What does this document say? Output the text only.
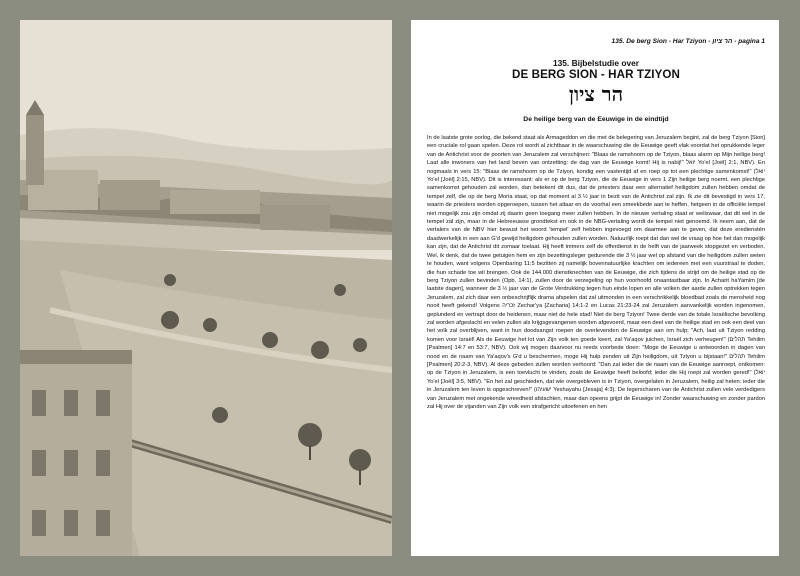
135. De berg Sion - Har Tziyon - הר ציון - pagina 1
135. Bijbelstudie over
DE BERG SION - HAR TZIYON
הר ציון
De heilige berg van de Eeuwige in de eindtijd
In de laatste grote oorlog, die bekend staat als Armageddon en die met de belegering van Jeruzalem begint, zal de berg Tziyon [Sion] een cruciale rol gaan spelen. Deze rol wordt al zichtbaar in de waarschuwing die de Eeuwige geeft vlak voordat het oprukkende leger van de Antichrist voor de poorten van Jeruzalem zal verschijnen: "Blaas de ramshoorn op de Tziyon, blaas alarm op Mijn heilige berg! Laat alle inwoners van het land beven van ontzetting: de dag van de Eeuwige komt! Hij is nabij!" יואל Yo'el [Joël] 2:1, NBV). En nogmaals in vers 15: "Blaas de ramshoorn op de Tziyon, kondig een vastentijd af en roep op tot een plechtige samenkomst!" (יואל Yo'el [Joël] 2:15, NBV). Dit is interessant: als er op de berg Tziyon, die de Eeuwige in vers 1 Zijn heilige berg noemt, een plechtige samenkomst gehouden zal worden, dan betekent dit dus, dat de priesters daar een alternatief heiligdom zullen hebben omdat de tempel zelf, die op de berg Moria staat, op dat moment al 3 ½ jaar in bezit van de Antichrist zal zijn. Ik zie dit bevestigd in vers 17, waarin de priesters worden opgeroepen, tussen het altaar en de voorhal een smeekbede aan te heffen, hetgeen in de officiële tempel niet mogelijk zou zijn omdat zij daarin geen toegang meer zullen hebben. In de nieuwe vertaling staat er weliswaar, dat dit wel in de tempel zal zijn, maar in de Hebreeuwse grondtekst en ook in de NBG-vertaling wordt de tempel niet genoemd. Ik neem aan, dat de vertalers van de NBV hier bewust het woord 'tempel' zelf hebben ingevoegd om daarmee aan te geven, dat deze eredienstén daadwerkelijk in een aan G'd gewijd heiligdom gehouden zullen worden. Natuurlijk roept dat dan wel de vraag op hoe het dan mogelijk kan zijn, dat de Antichrist dit zomaar toelaat. Hij heeft immers zelf de offerdienst in de helft van de jaarweek stopgezet en verboden. Wel, ik denk, dat de twee getuigen hem en zijn bezettingsleger gedurende die 3 ½ jaar wel op afstand van die heiligdom zullen weten te houden, want volgens Openbaring 11:5 bezitten zij namelijk bovennatuurlijke krachten om iedereen met een vuurstraal te doden, die hun schade toe wil brengen. Ook de 144.000 dienstknechten van de Eeuwige, die zich tijdens de strijd om de heilige stad op de berg Tziyon zullen bevinden (Opb. 14:1), zullen door de verzegeling op hun voorhoofd onaantastbaar zijn. In Acharit haYamim [de laatste dagen], wanneer de 3 ½ jaar van de Grote Verdrukking tegen hun einde lopen en alle volken der aarde zullen optrekken tegen Jeruzalem, zal zich daar een onbeschrijflijk drama afspelen dat zal uitmonden in een verschrikkelijk bloedbad zoals de mensheid nog nooit heeft gekend! Volgens זכריה Zechar'ya [Zacharia] 14:1-2 en Lucas 21:23-24 zal Jeruzalem aanvankelijk worden ingenomen, geplunderd en vertrapt door de heidenen, maar niet de hele stad! Niet de berg Tziyon! Twee derde van de totale Israëlische bevolking zal worden afgeslacht en velen zullen als krijgsgevangenen worden afgevoerd, maar een deel van de heilige stad en ook een deel van het volk zal overblijven, want in hun doodsangst roepen de overlevenden de Eeuwige aan om hulp: "Ach, laat uit Tziyon redding komen voor Israël! Als de Eeuwige het lot van Zijn volk ten goede keert, zal Ya'aqov juichen, Israël zich verheugen!" (תהלים Tehilim [Psalmen] 14:7 en 53:7, NBV). Ook wij mogen daarvoor nu reeds voorbede doen: "Moge de Eeuwige u antwoorden in dagen van nood en de naam van Ya'aqov's G'd u beschermen, moge Hij hulp zenden uit Zijn heiligdom, uit Tziyon u bijstaan!" תהלים Tehilim [Psalmen] 20:2-3, NBV). Al deze gebeden zullen worden verhoord: "Dan zal ieder die de naam van de Eeuwige aanroept, ontkomen: op de Tziyon in Jeruzalem, is een toevlucht te vinden, zoals de Eeuwige heeft beloofd; ieder die Hij roept zal worden gered!" (יואל Yo'el [Joël] 3:5, NBV). "En het zal geschieden, dat wie overgebleven is in Tziyon, overgelaten in Jeruzalem, heilig zal heten: ieder die in Jeruzalem ten leven is opgeschreven!" (ישעיהו Yeshayahu [Jesaja] 4:3). De legerscharen van de Antichrist zullen vele verdedigers van Jeruzalem met ongekende wreedheid afslachten, maar dan opeens grijpt de Eeuwige in! Zonder waarschuwing en zonder pardon zal Hij over de vijanden van Zijn volk een strafgericht uitoefenen en hen
